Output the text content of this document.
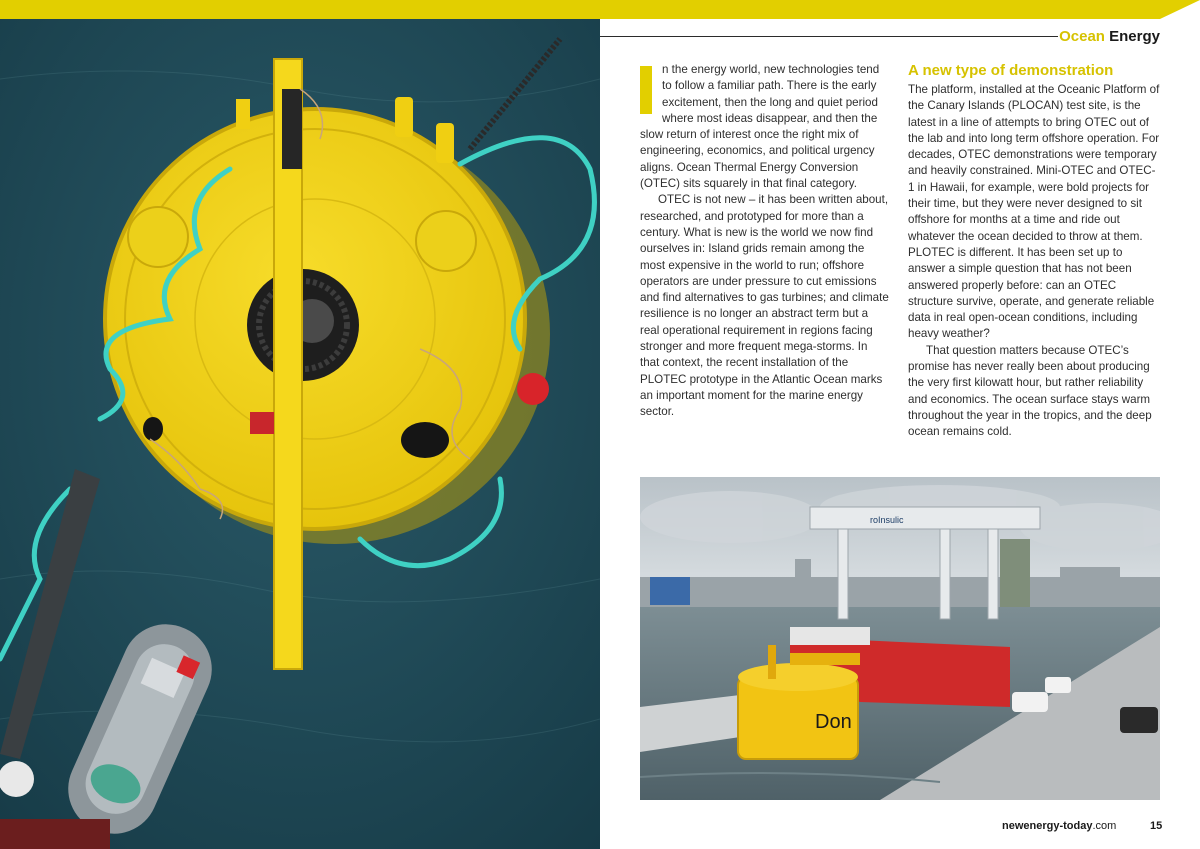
Ocean Energy

n the energy world, new technologies tend to follow a familiar path. There is the early excitement, then the long and quiet period where most ideas disappear, and then the slow return of interest once the right mix of engineering, economics, and political urgency aligns. Ocean Thermal Energy Conversion (OTEC) sits squarely in that final category.

OTEC is not new – it has been written about, researched, and prototyped for more than a century. What is new is the world we now find ourselves in: Island grids remain among the most expensive in the world to run; offshore operators are under pressure to cut emissions and find alternatives to gas turbines; and climate resilience is no longer an abstract term but a real operational requirement in regions facing stronger and more frequent mega-storms. In that context, the recent installation of the PLOTEC prototype in the Atlantic Ocean marks an important moment for the marine energy sector.

A new type of demonstration

The platform, installed at the Oceanic Platform of the Canary Islands (PLOCAN) test site, is the latest in a line of attempts to bring OTEC out of the lab and into long term offshore operation. For decades, OTEC demonstrations were temporary and heavily constrained. Mini-OTEC and OTEC-1 in Hawaii, for example, were bold projects for their time, but they were never designed to sit offshore for months at a time and ride out whatever the ocean decided to throw at them. PLOTEC is different. It has been set up to answer a simple question that has not been answered properly before: can an OTEC structure survive, operate, and generate reliable data in real open-ocean conditions, including heavy weather?

That question matters because OTEC’s promise has never really been about producing the very first kilowatt hour, but rather reliability and economics. The ocean surface stays warm throughout the year in the tropics, and the deep ocean remains cold.

roInsulic
Don
newenergy-today.com	15
